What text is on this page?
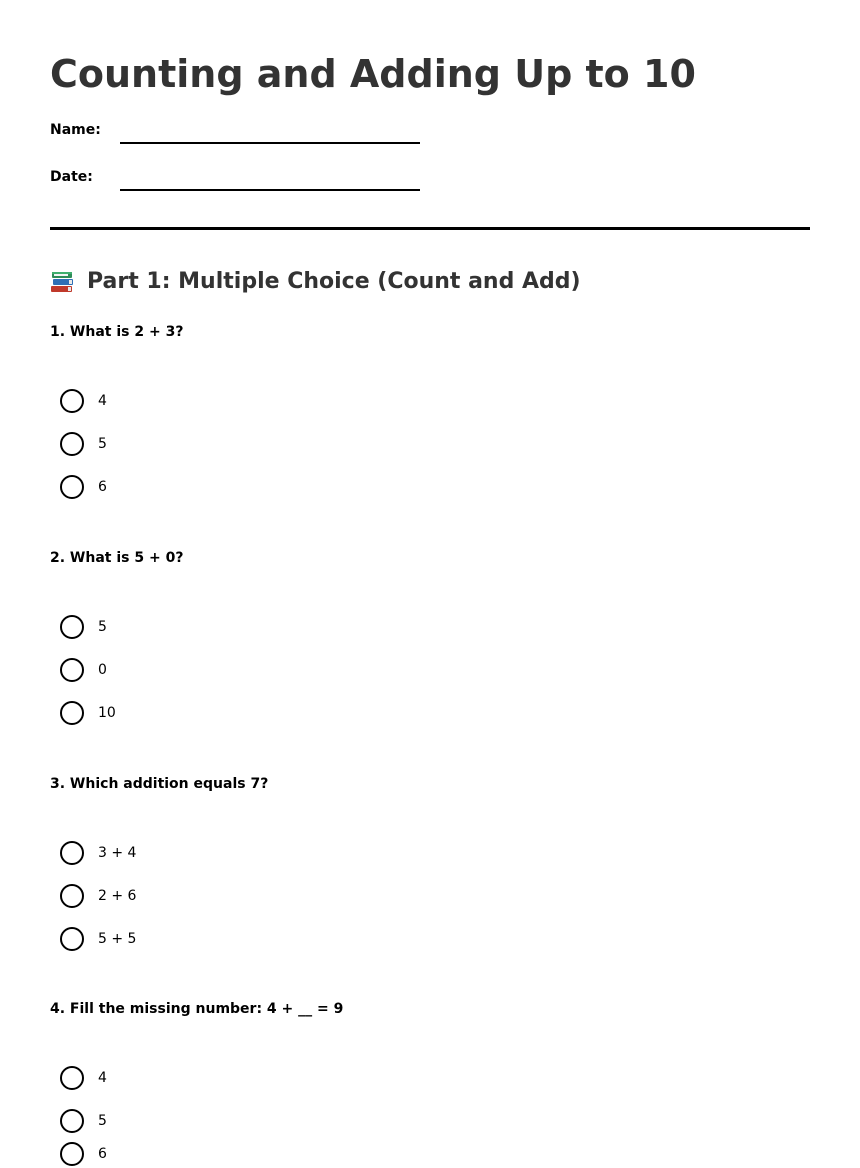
Counting and Adding Up to 10
Name:
Date:
Part 1: Multiple Choice (Count and Add)
1. What is 2 + 3?
4
5
6
2. What is 5 + 0?
5
0
10
3. Which addition equals 7?
3 + 4
2 + 6
5 + 5
4. Fill the missing number: 4 + __ = 9
4
5
6
